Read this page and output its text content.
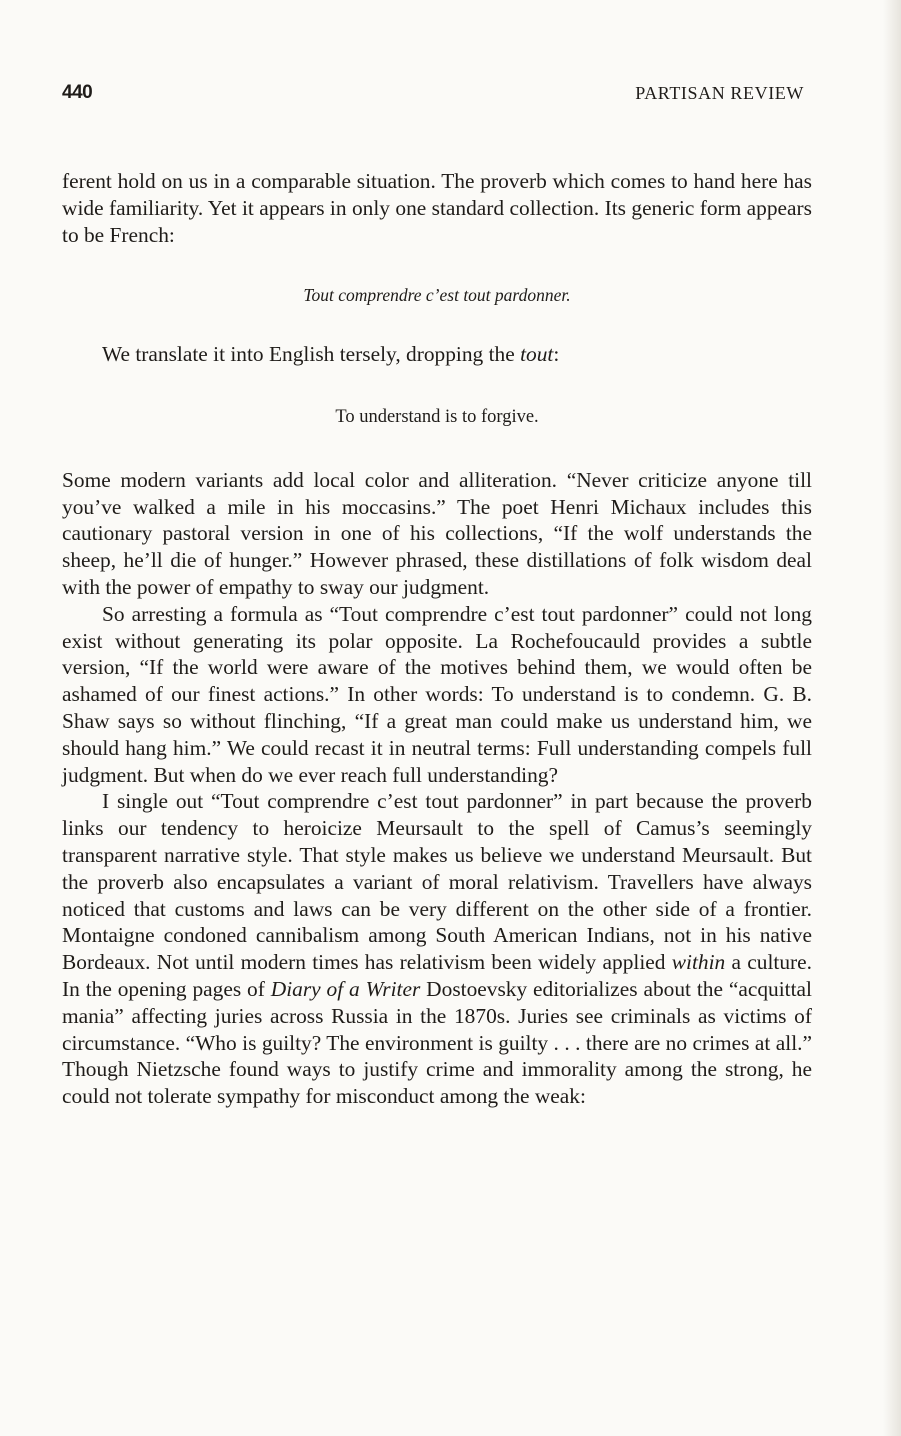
440	PARTISAN REVIEW

ferent hold on us in a comparable situation. The proverb which comes to hand here has wide familiarity. Yet it appears in only one standard collection. Its generic form appears to be French:

Tout comprendre c’est tout pardonner.

We translate it into English tersely, dropping the tout:

To understand is to forgive.

Some modern variants add local color and alliteration. “Never criticize anyone till you’ve walked a mile in his moccasins.” The poet Henri Michaux includes this cautionary pastoral version in one of his collections, “If the wolf understands the sheep, he’ll die of hunger.” However phrased, these distillations of folk wisdom deal with the power of empathy to sway our judgment.

So arresting a formula as “Tout comprendre c’est tout pardonner” could not long exist without generating its polar opposite. La Rochefoucauld provides a subtle version, “If the world were aware of the motives behind them, we would often be ashamed of our finest actions.” In other words: To understand is to condemn. G. B. Shaw says so without flinching, “If a great man could make us understand him, we should hang him.” We could recast it in neutral terms: Full understanding compels full judgment. But when do we ever reach full understanding?

I single out “Tout comprendre c’est tout pardonner” in part because the proverb links our tendency to heroicize Meursault to the spell of Camus’s seemingly transparent narrative style. That style makes us believe we understand Meursault. But the proverb also encapsulates a variant of moral relativism. Travellers have always noticed that customs and laws can be very different on the other side of a frontier. Montaigne condoned cannibalism among South American Indians, not in his native Bordeaux. Not until modern times has relativism been widely applied within a culture. In the opening pages of Diary of a Writer Dostoevsky editorializes about the “acquittal mania” affecting juries across Russia in the 1870s. Juries see criminals as victims of circumstance. “Who is guilty? The environment is guilty . . . there are no crimes at all.” Though Nietzsche found ways to justify crime and immorality among the strong, he could not tolerate sympathy for misconduct among the weak:
